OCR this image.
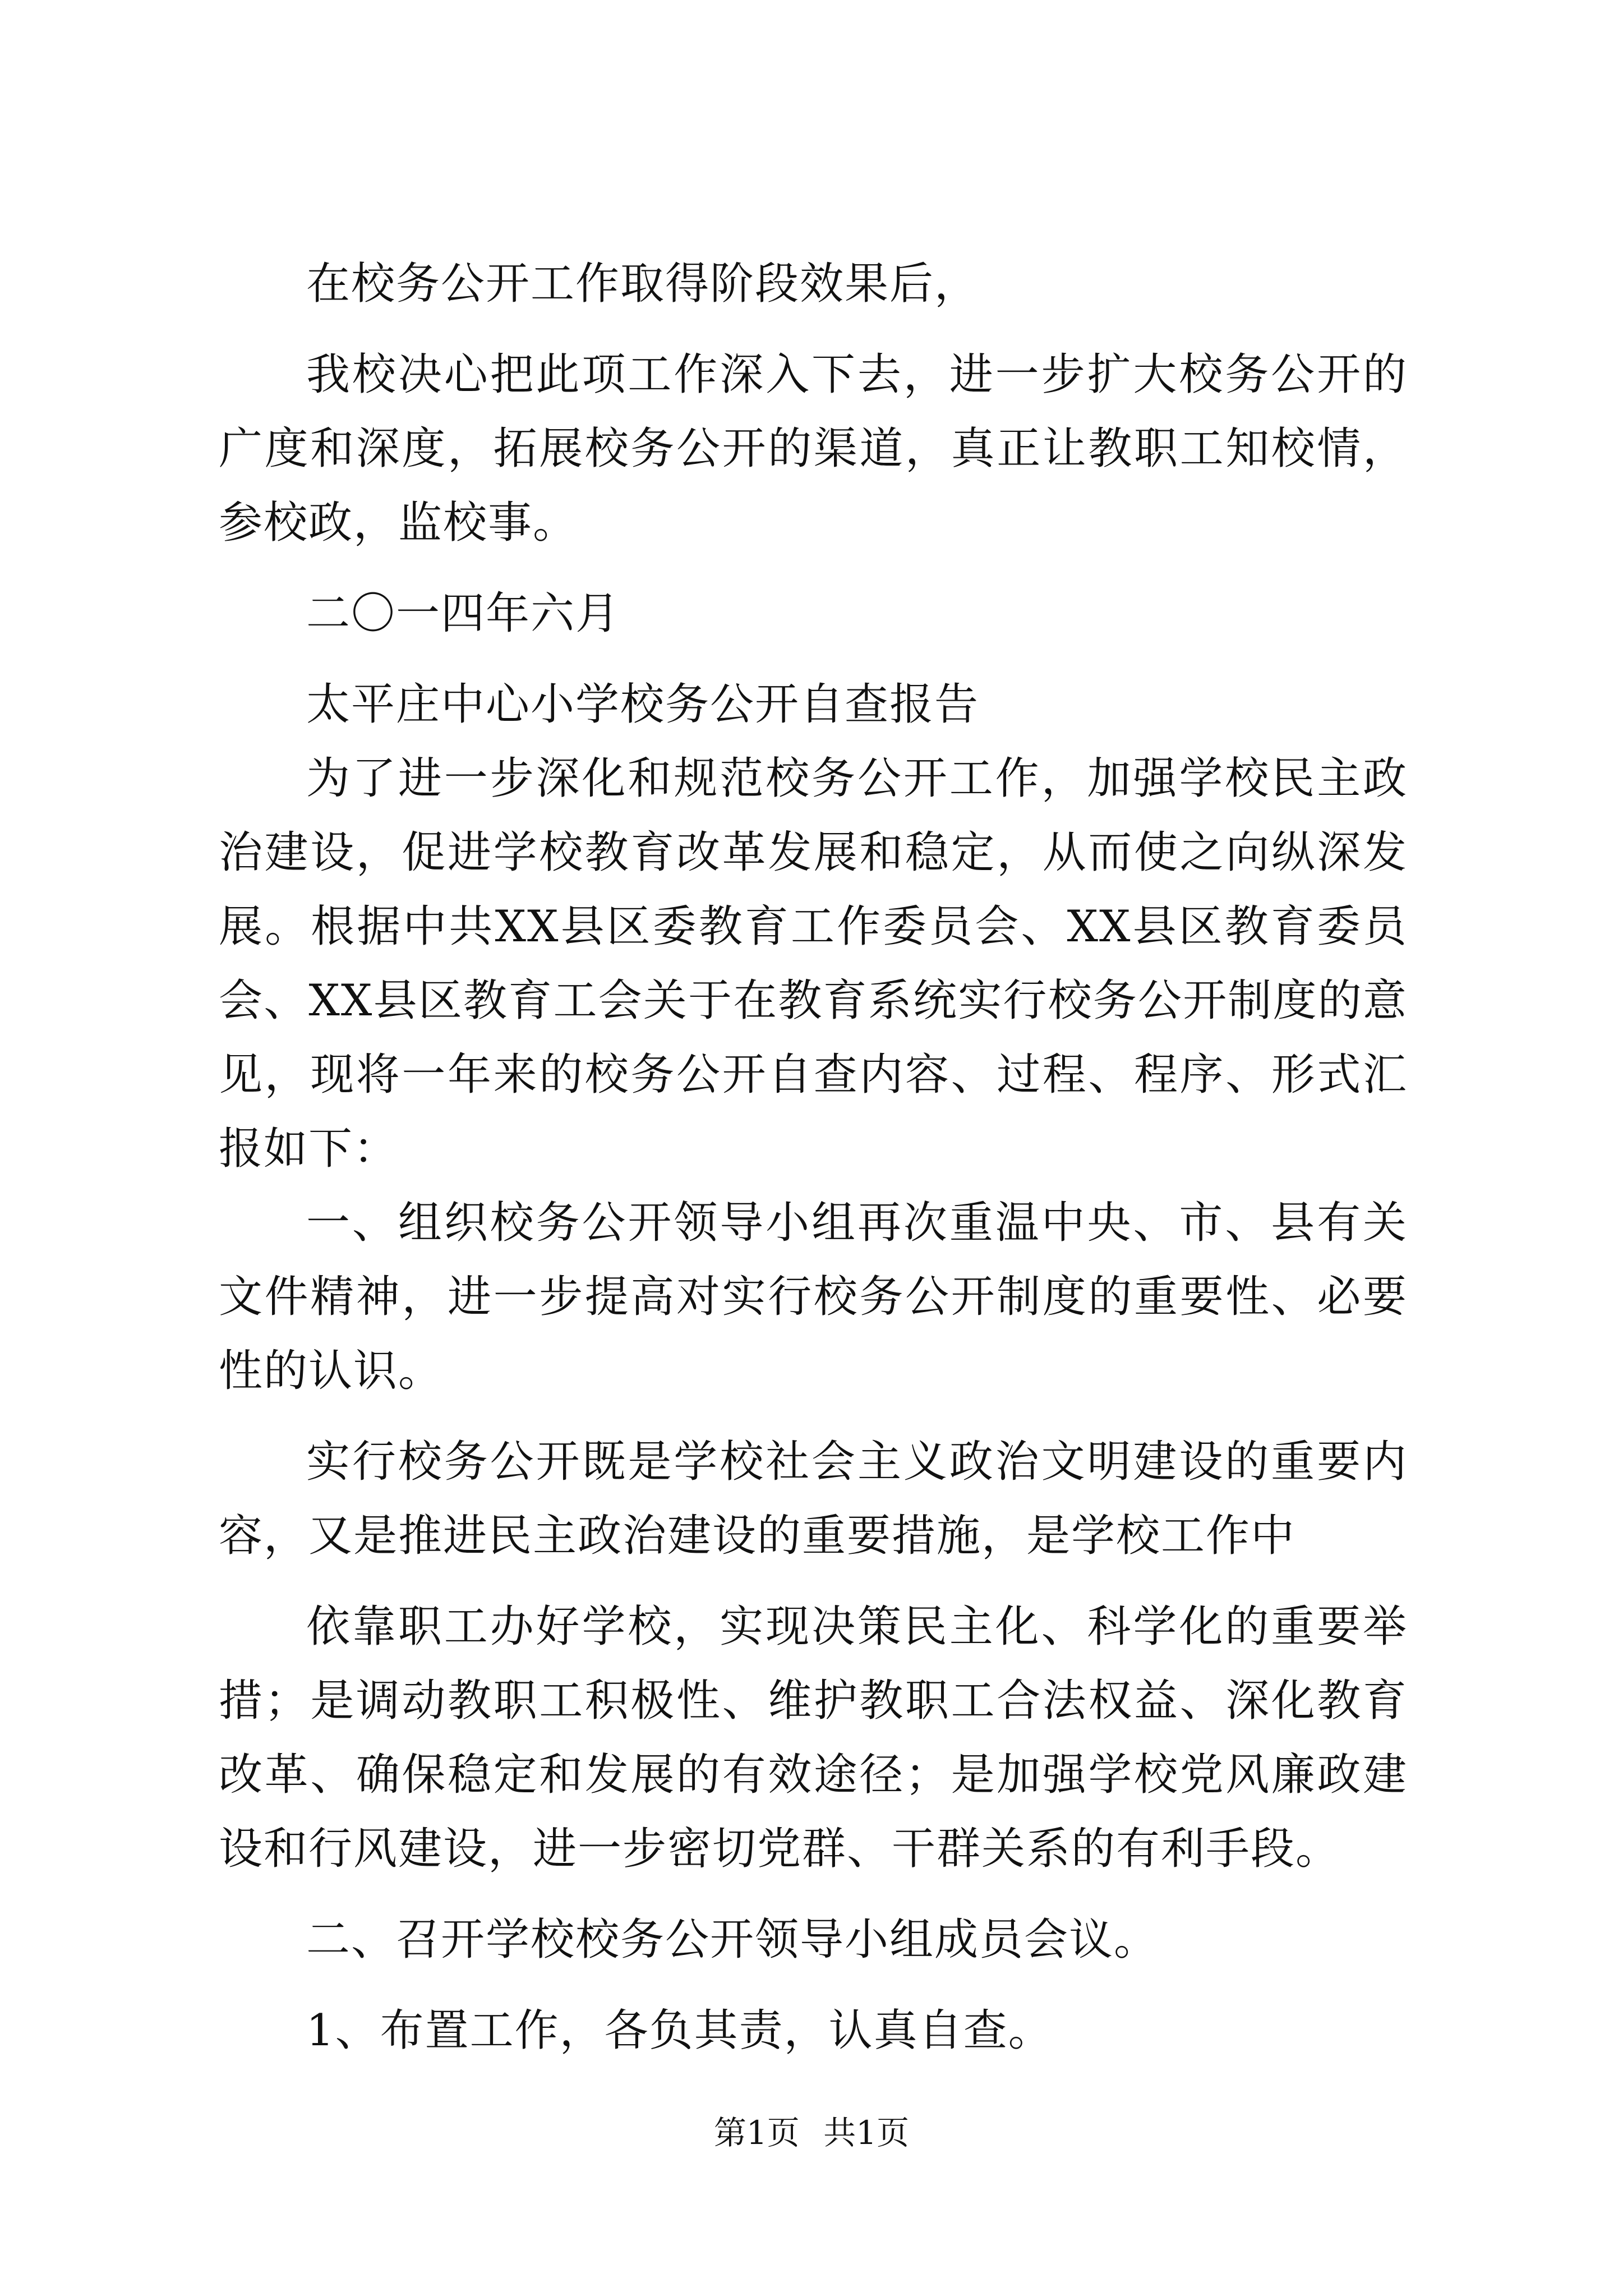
在校务公开工作取得阶段效果后，

我校决心把此项工作深入下去，进一步扩大校务公开的广度和深度，拓展校务公开的渠道，真正让教职工知校情，参校政，监校事。

二〇一四年六月

太平庄中心小学校务公开自查报告

为了进一步深化和规范校务公开工作，加强学校民主政治建设，促进学校教育改革发展和稳定，从而使之向纵深发展。根据中共XX县区委教育工作委员会、XX县区教育委员会、XX县区教育工会关于在教育系统实行校务公开制度的意见，现将一年来的校务公开自查内容、过程、程序、形式汇报如下：

一、组织校务公开领导小组再次重温中央、市、县有关文件精神，进一步提高对实行校务公开制度的重要性、必要性的认识。

实行校务公开既是学校社会主义政治文明建设的重要内容，又是推进民主政治建设的重要措施，是学校工作中

依靠职工办好学校，实现决策民主化、科学化的重要举措；是调动教职工积极性、维护教职工合法权益、深化教育改革、确保稳定和发展的有效途径；是加强学校党风廉政建设和行风建设，进一步密切党群、干群关系的有利手段。

二、召开学校校务公开领导小组成员会议。

1、布置工作，各负其责，认真自查。

第1页 共1页
